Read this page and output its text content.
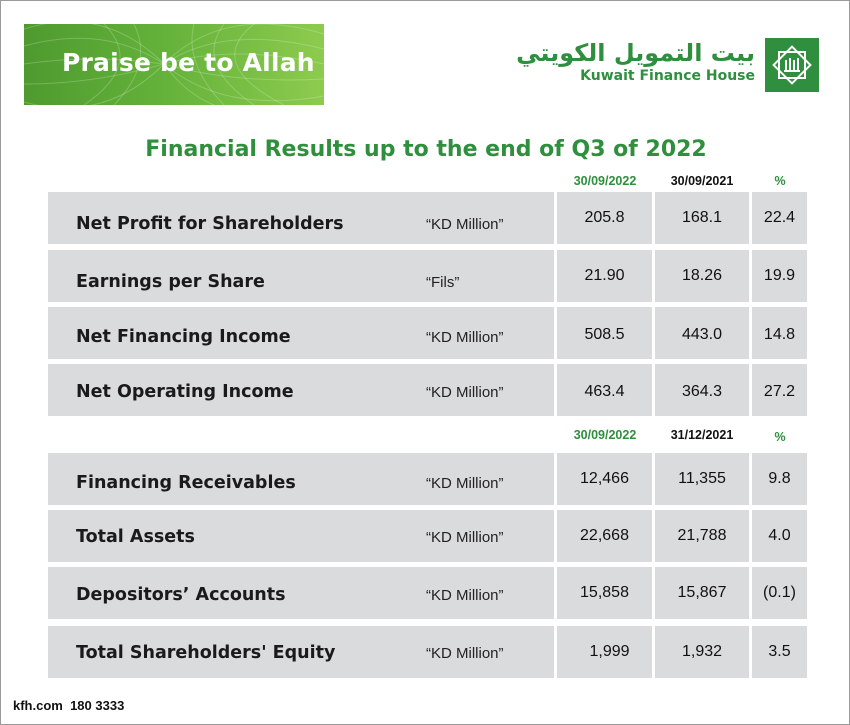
Praise be to Allah	بيت التمويل الكويتي
Kuwait Finance House
Financial Results up to the end of Q3 of 2022
30/09/2022	30/09/2021	%
Net Profit for Shareholders	“KD Million”	205.8	168.1	22.4
Earnings per Share	“Fils”	21.90	18.26	19.9
Net Financing Income	“KD Million”	508.5	443.0	14.8
Net Operating Income	“KD Million”	463.4	364.3	27.2
30/09/2022	31/12/2021	%
Financing Receivables	“KD Million”	12,466	11,355	9.8
Total Assets	“KD Million”	22,668	21,788	4.0
Depositors’ Accounts	“KD Million”	15,858	15,867	(0.1)
Total Shareholders' Equity	“KD Million”	1,999	1,932	3.5
kfh.com 180 3333
